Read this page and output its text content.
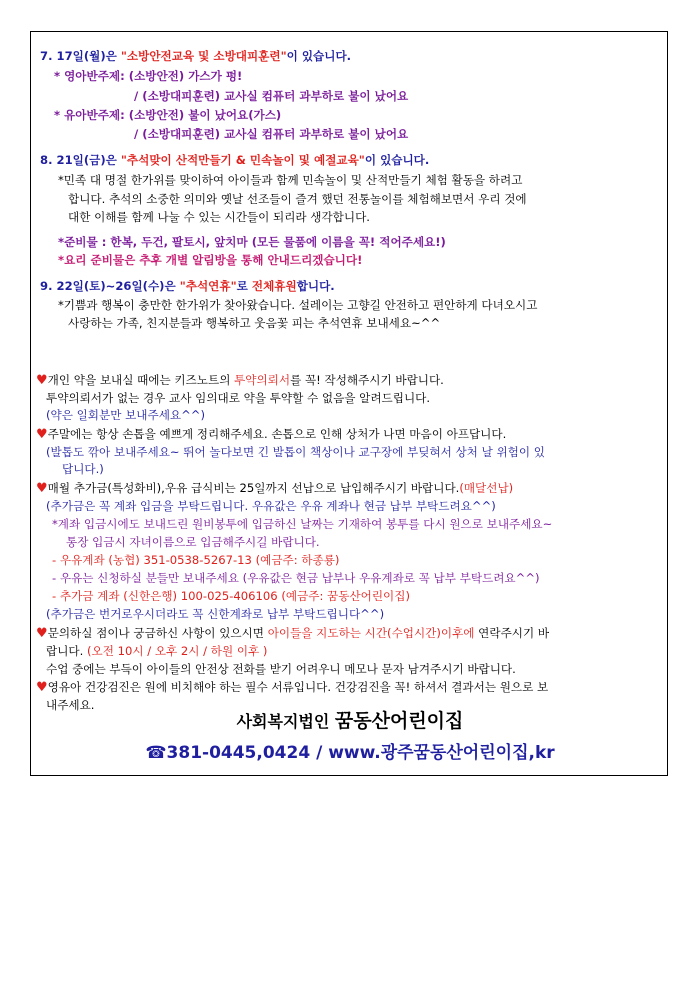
7. 17일(월)은 "소방안전교육 및 소방대피훈련"이 있습니다.
* 영아반주제: (소방안전) 가스가 펑!
/ (소방대피훈련) 교사실 컴퓨터 과부하로 불이 났어요
* 유아반주제: (소방안전) 불이 났어요(가스)
/ (소방대피훈련) 교사실 컴퓨터 과부하로 불이 났어요
8. 21일(금)은 "추석맞이 산적만들기 & 민속놀이 및 예절교육"이 있습니다.
*민족 대 명절 한가위를 맞이하여 아이들과 함께 민속놀이 및 산적만들기 체험 활동을 하려고
합니다. 추석의 소중한 의미와 옛날 선조들이 즐겨 했던 전통놀이를 체험해보면서 우리 것에
대한 이해를 함께 나눌 수 있는 시간들이 되리라 생각합니다.
*준비물 : 한복, 두건, 팔토시, 앞치마 (모든 물품에 이름을 꼭! 적어주세요!)
*요리 준비물은 추후 개별 알림방을 통해 안내드리겠습니다!
9. 22일(토)~26일(수)은 "추석연휴"로 전체휴원합니다.
*기쁨과 행복이 충만한 한가위가 찾아왔습니다. 설레이는 고향길 안전하고 편안하게 다녀오시고
사랑하는 가족, 친지분들과 행복하고 웃음꽃 피는 추석연휴 보내세요~^^
♥개인 약을 보내실 때에는 키즈노트의 투약의뢰서를 꼭! 작성해주시기 바랍니다.
투약의뢰서가 없는 경우 교사 임의대로 약을 투약할 수 없음을 알려드립니다.
(약은 일회분만 보내주세요^^)
♥주말에는 항상 손톱을 예쁘게 정리해주세요. 손톱으로 인해 상처가 나면 마음이 아프답니다.
(발톱도 깎아 보내주세요~ 뛰어 놀다보면 긴 발톱이 책상이나 교구장에 부딪혀서 상처 날 위험이 있
답니다.)
♥매월 추가금(특성화비),우유 급식비는 25일까지 선납으로 납입해주시기 바랍니다.(매달선납)
(추가금은 꼭 계좌 입금을 부탁드립니다. 우유값은 우유 계좌나 현금 납부 부탁드려요^^)
*계좌 입금시에도 보내드린 원비봉투에 입금하신 날짜는 기재하여 봉투를 다시 원으로 보내주세요~
통장 입금시 자녀이름으로 입금해주시길 바랍니다.
- 우유계좌 (농협) 351-0538-5267-13 (예금주: 하종룡)
- 우유는 신청하실 분들만 보내주세요 (우유값은 현금 납부나 우유계좌로 꼭 납부 부탁드려요^^)
- 추가금 계좌 (신한은행) 100-025-406106 (예금주: 꿈동산어린이집)
(추가금은 번거로우시더라도 꼭 신한계좌로 납부 부탁드립니다^^)
♥문의하실 점이나 궁금하신 사항이 있으시면 아이들을 지도하는 시간(수업시간)이후에 연락주시기 바
랍니다. (오전 10시 / 오후 2시 / 하원 이후 )
수업 중에는 부득이 아이들의 안전상 전화를 받기 어려우니 메모나 문자 남겨주시기 바랍니다.
♥영유아 건강검진은 원에 비치해야 하는 필수 서류입니다. 건강검진을 꼭! 하셔서 결과서는 원으로 보
내주세요.
사회복지법인 꿈동산어린이집
☎381-0445,0424 / www.광주꿈동산어린이집,kr
